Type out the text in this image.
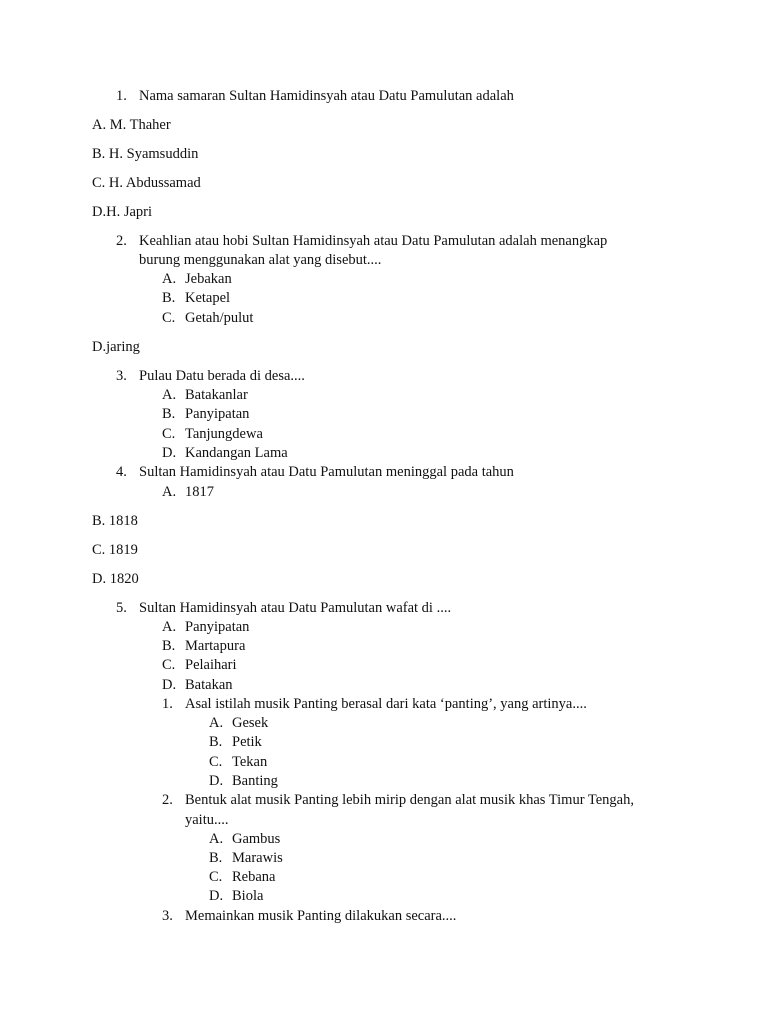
1. Nama samaran Sultan Hamidinsyah atau Datu Pamulutan adalah
A. M. Thaher
B. H. Syamsuddin
C. H. Abdussamad
D.H. Japri
2. Keahlian atau hobi Sultan Hamidinsyah atau Datu Pamulutan adalah menangkap
burung menggunakan alat yang disebut....
A. Jebakan
B. Ketapel
C. Getah/pulut
D.jaring
3. Pulau Datu berada di desa....
A. Batakanlar
B. Panyipatan
C. Tanjungdewa
D. Kandangan Lama
4. Sultan Hamidinsyah atau Datu Pamulutan meninggal pada tahun
A. 1817
B. 1818
C. 1819
D. 1820
5. Sultan Hamidinsyah atau Datu Pamulutan wafat di ....
A. Panyipatan
B. Martapura
C. Pelaihari
D. Batakan
1. Asal istilah musik Panting berasal dari kata ‘panting’, yang artinya....
A. Gesek
B. Petik
C. Tekan
D. Banting
2. Bentuk alat musik Panting lebih mirip dengan alat musik khas Timur Tengah,
yaitu....
A. Gambus
B. Marawis
C. Rebana
D. Biola
3. Memainkan musik Panting dilakukan secara....
